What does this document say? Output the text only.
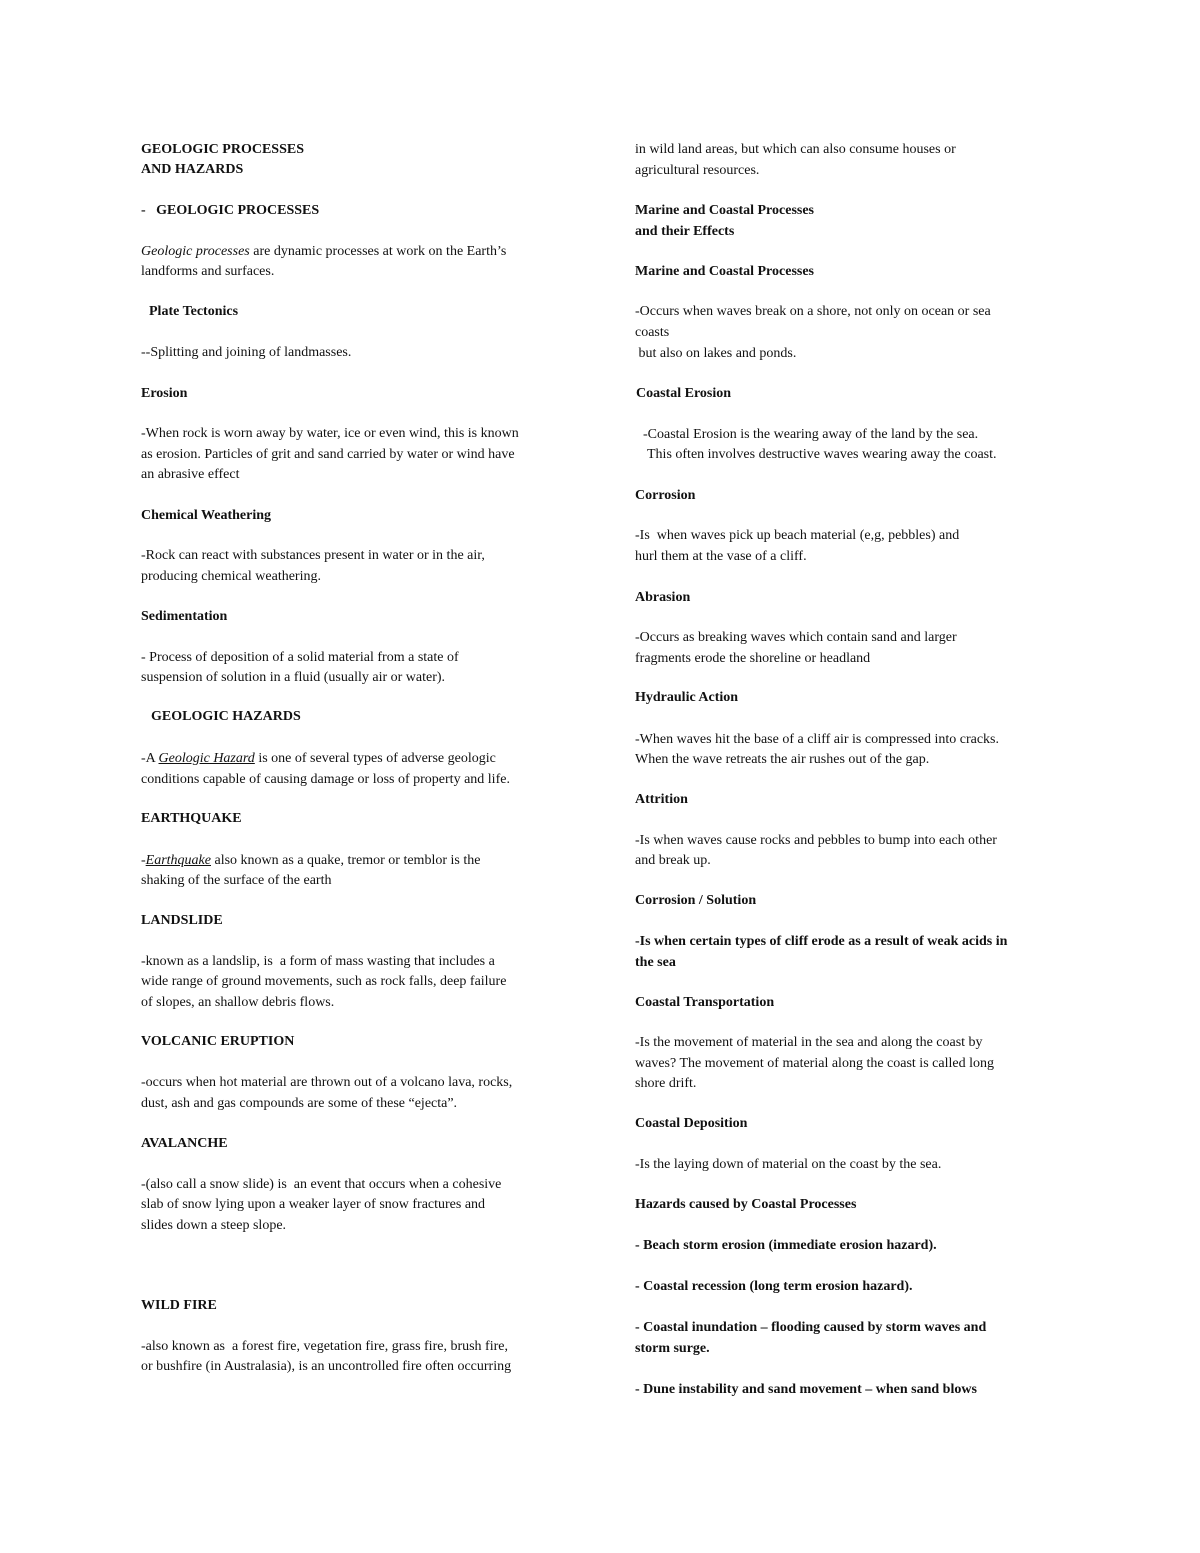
GEOLOGIC PROCESSES
AND HAZARDS
-   GEOLOGIC PROCESSES
Geologic processes are dynamic processes at work on the Earth’s
landforms and surfaces.
Plate Tectonics
--Splitting and joining of landmasses.
Erosion
-When rock is worn away by water, ice or even wind, this is known
as erosion. Particles of grit and sand carried by water or wind have
an abrasive effect
Chemical Weathering
-Rock can react with substances present in water or in the air,
producing chemical weathering.
Sedimentation
- Process of deposition of a solid material from a state of
suspension of solution in a fluid (usually air or water).
GEOLOGIC HAZARDS
-A Geologic Hazard is one of several types of adverse geologic
conditions capable of causing damage or loss of property and life.
EARTHQUAKE
-Earthquake also known as a quake, tremor or temblor is the
shaking of the surface of the earth
LANDSLIDE
-known as a landslip, is  a form of mass wasting that includes a
wide range of ground movements, such as rock falls, deep failure
of slopes, an shallow debris flows.
VOLCANIC ERUPTION
-occurs when hot material are thrown out of a volcano lava, rocks,
dust, ash and gas compounds are some of these “ejecta”.
AVALANCHE
-(also call a snow slide) is  an event that occurs when a cohesive
slab of snow lying upon a weaker layer of snow fractures and
slides down a steep slope.
WILD FIRE
-also known as  a forest fire, vegetation fire, grass fire, brush fire,
or bushfire (in Australasia), is an uncontrolled fire often occurring
in wild land areas, but which can also consume houses or
agricultural resources.
Marine and Coastal Processes
and their Effects
Marine and Coastal Processes
-Occurs when waves break on a shore, not only on ocean or sea
coasts
but also on lakes and ponds.
Coastal Erosion
-Coastal Erosion is the wearing away of the land by the sea.
This often involves destructive waves wearing away the coast.
Corrosion
-Is  when waves pick up beach material (e,g, pebbles) and
hurl them at the vase of a cliff.
Abrasion
-Occurs as breaking waves which contain sand and larger
fragments erode the shoreline or headland
Hydraulic Action
-When waves hit the base of a cliff air is compressed into cracks.
When the wave retreats the air rushes out of the gap.
Attrition
-Is when waves cause rocks and pebbles to bump into each other
and break up.
Corrosion / Solution
-Is when certain types of cliff erode as a result of weak acids in
the sea
Coastal Transportation
-Is the movement of material in the sea and along the coast by
waves? The movement of material along the coast is called long
shore drift.
Coastal Deposition
-Is the laying down of material on the coast by the sea.
Hazards caused by Coastal Processes
- Beach storm erosion (immediate erosion hazard).
- Coastal recession (long term erosion hazard).
- Coastal inundation – flooding caused by storm waves and
storm surge.
- Dune instability and sand movement – when sand blows
